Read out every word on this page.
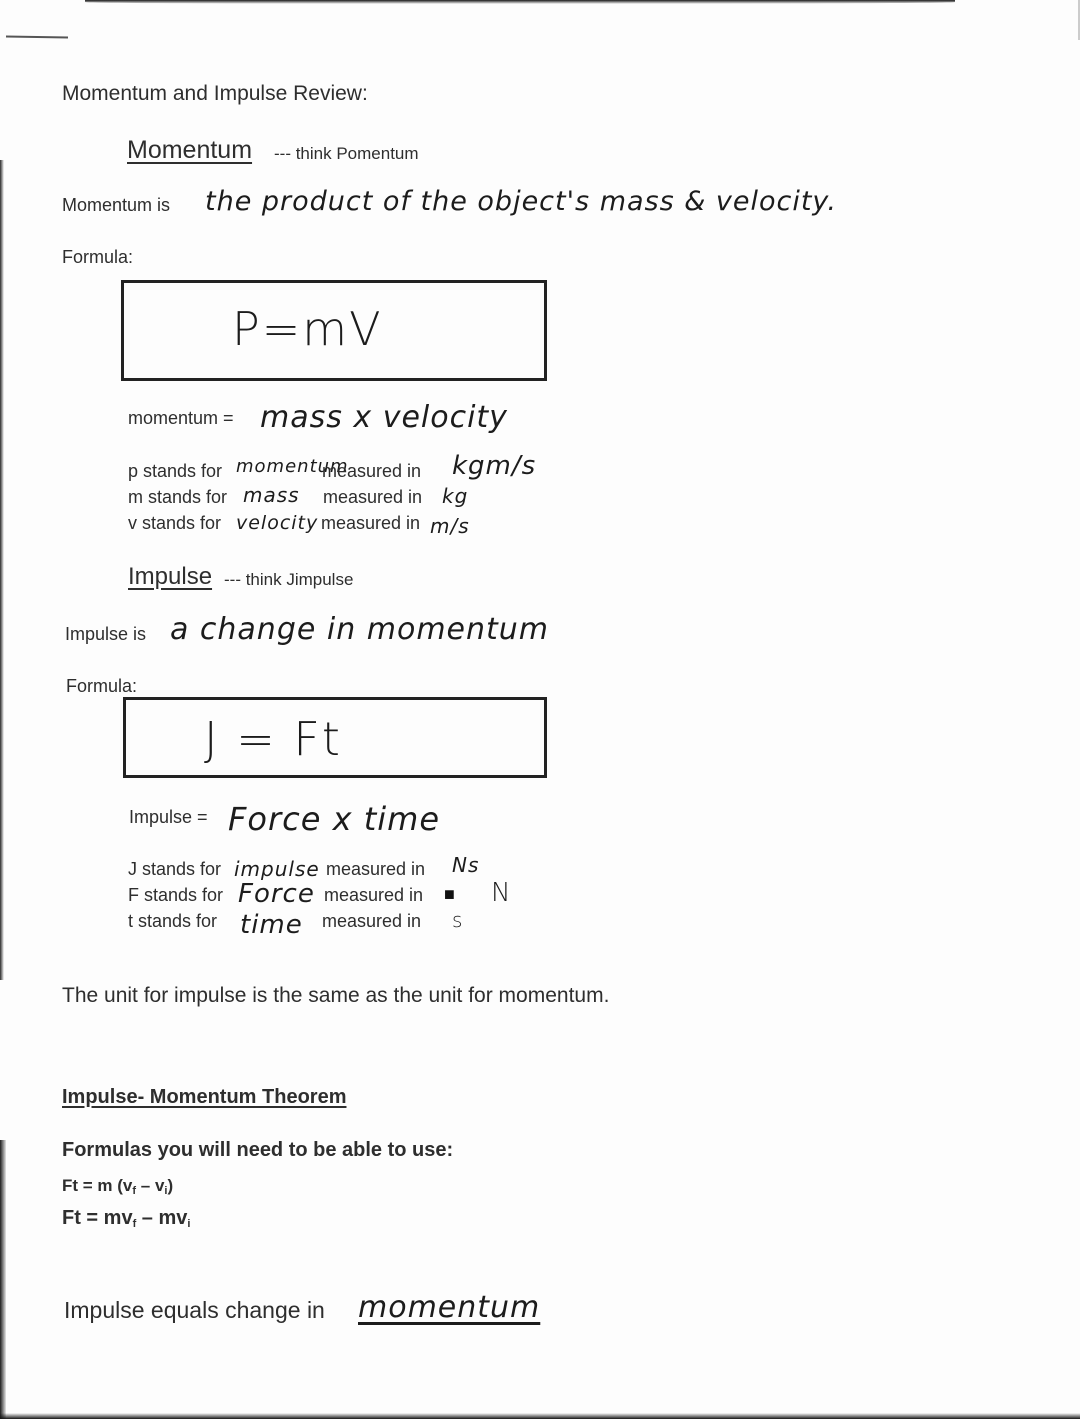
Momentum and Impulse Review:
Momentum --- think Pomentum
Momentum is the product of the object's mass & velocity.
Formula:
P=mV
momentum = mass x velocity
p stands for momentum
measured in kgm/s
m stands for mass measured in kg
v stands for velocity measured in m/s
Impulse --- think Jimpulse
Impulse is a change in momentum
Formula:
J = Ft
Impulse = Force x time
J stands for impulse measured in Ns
F stands for Force measured in ■ N
t stands for time measured in s
The unit for impulse is the same as the unit for momentum.
Impulse- Momentum Theorem
Formulas you will need to be able to use:
Ft = m $(v_f - v_i)$
$Ft = mv_f - mv_i$
Impulse equals change in momentum
